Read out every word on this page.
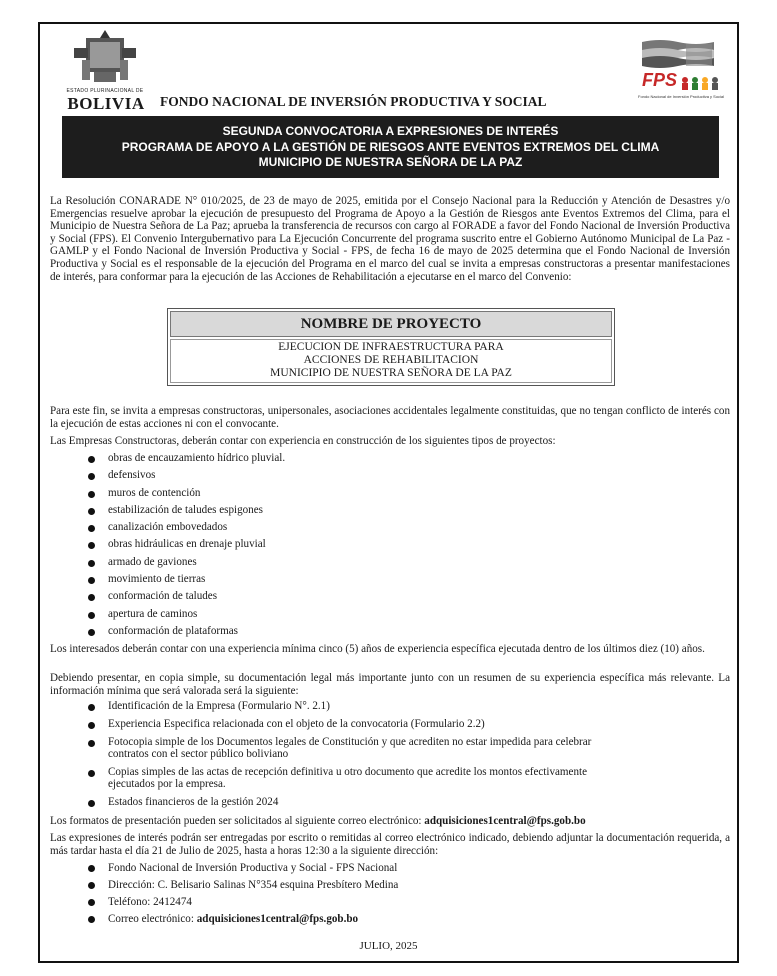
ESTADO PLURINACIONAL DE
BOLIVIA	FONDO NACIONAL DE INVERSIÓN PRODUCTIVA Y SOCIAL
FPS
Fondo Nacional de Inversión Productiva y Social
SEGUNDA CONVOCATORIA A EXPRESIONES DE INTERÉS
PROGRAMA DE APOYO A LA GESTIÓN DE RIESGOS ANTE EVENTOS EXTREMOS DEL CLIMA
MUNICIPIO DE NUESTRA SEÑORA DE LA PAZ
La Resolución CONARADE N° 010/2025, de 23 de mayo de 2025, emitida por el Consejo Nacional para la Reducción y Atención de Desastres y/o Emergencias resuelve aprobar la ejecución de presupuesto del Programa de Apoyo a la Gestión de Riesgos ante Eventos Extremos del Clima, para el Municipio de Nuestra Señora de La Paz; aprueba la transferencia de recursos con cargo al FORADE a favor del Fondo Nacional de Inversión Productiva y Social (FPS). El Convenio Intergubernativo para La Ejecución Concurrente del programa suscrito entre el Gobierno Autónomo Municipal de La Paz - GAMLP y el Fondo Nacional de Inversión Productiva y Social - FPS, de fecha 16 de mayo de 2025 determina que el Fondo Nacional de Inversión Productiva y Social es el responsable de la ejecución del Programa en el marco del cual se invita a empresas constructoras a presentar manifestaciones de interés, para conformar para la ejecución de las Acciones de Rehabilitación a ejecutarse en el marco del Convenio:
NOMBRE DE PROYECTO
EJECUCION DE INFRAESTRUCTURA PARA
ACCIONES DE REHABILITACION
MUNICIPIO DE NUESTRA SEÑORA DE LA PAZ
Para este fin, se invita a empresas constructoras, unipersonales, asociaciones accidentales legalmente constituidas, que no tengan conflicto de interés con la ejecución de estas acciones ni con el convocante.
Las Empresas Constructoras, deberán contar con experiencia en construcción de los siguientes tipos de proyectos:
obras de encauzamiento hídrico pluvial.
defensivos
muros de contención
estabilización de taludes espigones
canalización embovedados
obras hidráulicas en drenaje pluvial
armado de gaviones
movimiento de tierras
conformación de taludes
apertura de caminos
conformación de plataformas
Los interesados deberán contar con una experiencia mínima cinco (5) años de experiencia específica ejecutada dentro de los últimos diez (10) años.
Debiendo presentar, en copia simple, su documentación legal más importante junto con un resumen de su experiencia específica más relevante. La información mínima que será valorada será la siguiente:
Identificación de la Empresa (Formulario N°. 2.1)
Experiencia Especifica relacionada con el objeto de la convocatoria (Formulario 2.2)
Fotocopia simple de los Documentos legales de Constitución y que acrediten no estar impedida para celebrar
contratos con el sector público boliviano
Copias simples de las actas de recepción definitiva u otro documento que acredite los montos efectivamente
ejecutados por la empresa.
Estados financieros de la gestión 2024
Los formatos de presentación pueden ser solicitados al siguiente correo electrónico: adquisiciones1central@fps.gob.bo
Las expresiones de interés podrán ser entregadas por escrito o remitidas al correo electrónico indicado, debiendo adjuntar la documentación requerida, a más tardar hasta el día 21 de Julio de 2025, hasta a horas 12:30 a la siguiente dirección:
Fondo Nacional de Inversión Productiva y Social - FPS Nacional
Dirección: C. Belisario Salinas N°354 esquina Presbítero Medina
Teléfono: 2412474
Correo electrónico: adquisiciones1central@fps.gob.bo
JULIO, 2025
